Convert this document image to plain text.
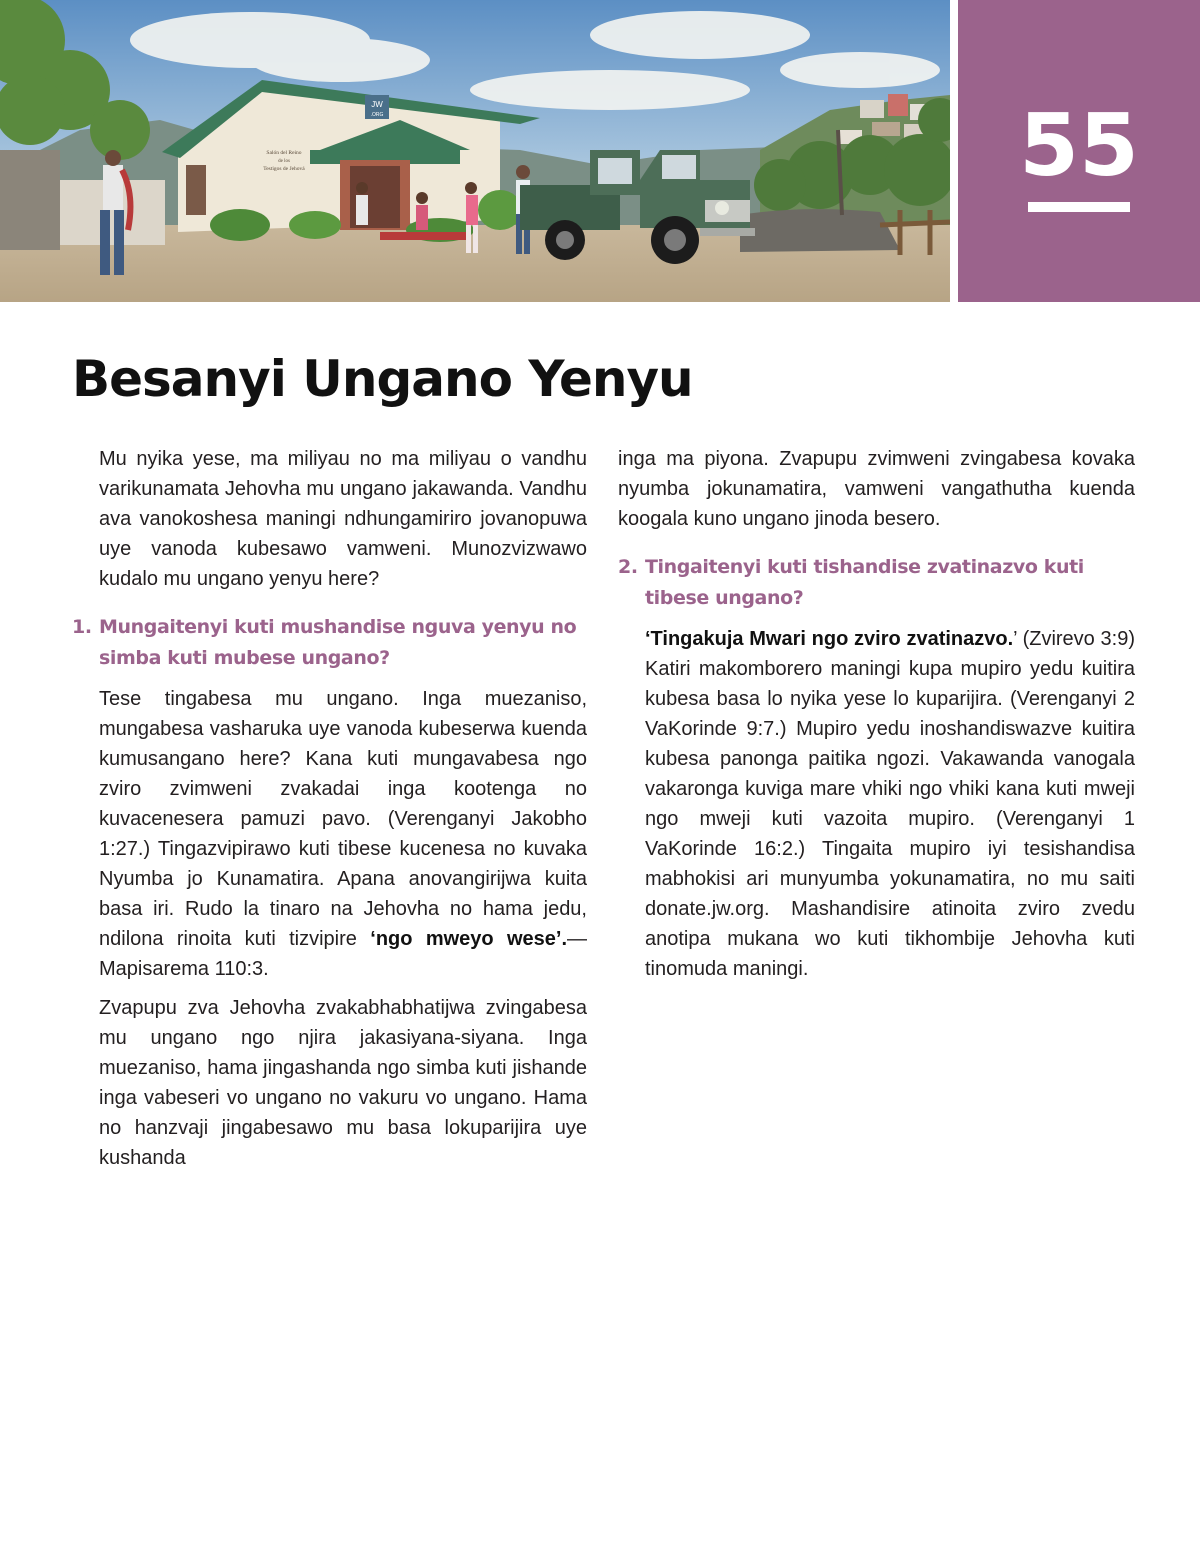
JW
.ORG
Salón del Reino
de los
Testigos de Jehová	55
Besanyi Ungano Yenyu

Mu nyika yese, ma miliyau no ma miliyau o vandhu varikunamata Jehovha mu ungano jakawanda. Vandhu ava vanokoshesa maningi ndhungamiriro jovanopuwa uye vanoda kubesawo vamweni. Munozvizwawo kudalo mu ungano yenyu here?

1. Mungaitenyi kuti mushandise nguva yenyu no simba kuti mubese ungano?

Tese tingabesa mu ungano. Inga muezaniso, mungabesa vasharuka uye vanoda kubeserwa kuenda kumusangano here? Kana kuti mungavabesa ngo zviro zvimweni zvakadai inga kootenga no kuvacenesera pamuzi pavo. (Verenganyi Jakobho 1:27.) Tingazvipirawo kuti tibese kucenesa no kuvaka Nyumba jo Kunamatira. Apana anovangirijwa kuita basa iri. Rudo la tinaro na Jehovha no hama jedu, ndilona rinoita kuti tizvipire ‘ngo mweyo wese’.—Mapisarema 110:3.

Zvapupu zva Jehovha zvakabhabhatijwa zvingabesa mu ungano ngo njira jakasiyana-siyana. Inga muezaniso, hama jingashanda ngo simba kuti jishande inga vabeseri vo ungano no vakuru vo ungano. Hama no hanzvaji jingabesawo mu basa lokuparijira uye kushanda

inga ma piyona. Zvapupu zvimweni zvingabesa kovaka nyumba jokunamatira, vamweni vangathutha kuenda koogala kuno ungano jinoda besero.

2. Tingaitenyi kuti tishandise zvatinazvo kuti tibese ungano?

‘Tingakuja Mwari ngo zviro zvatinazvo.’ (Zvirevo 3:9) Katiri makomborero maningi kupa mupiro yedu kuitira kubesa basa lo nyika yese lo kuparijira. (Verenganyi 2 VaKorinde 9:7.) Mupiro yedu inoshandiswazve kuitira kubesa panonga paitika ngozi. Vakawanda vanogala vakaronga kuviga mare vhiki ngo vhiki kana kuti mweji ngo mweji kuti vazoita mupiro. (Verenganyi 1 VaKorinde 16:2.) Tingaita mupiro iyi tesishandisa mabhokisi ari munyumba yokunamatira, no mu saiti donate.jw.org. Mashandisire atinoita zviro zvedu anotipa mukana wo kuti tikhombije Jehovha kuti tinomuda maningi.
